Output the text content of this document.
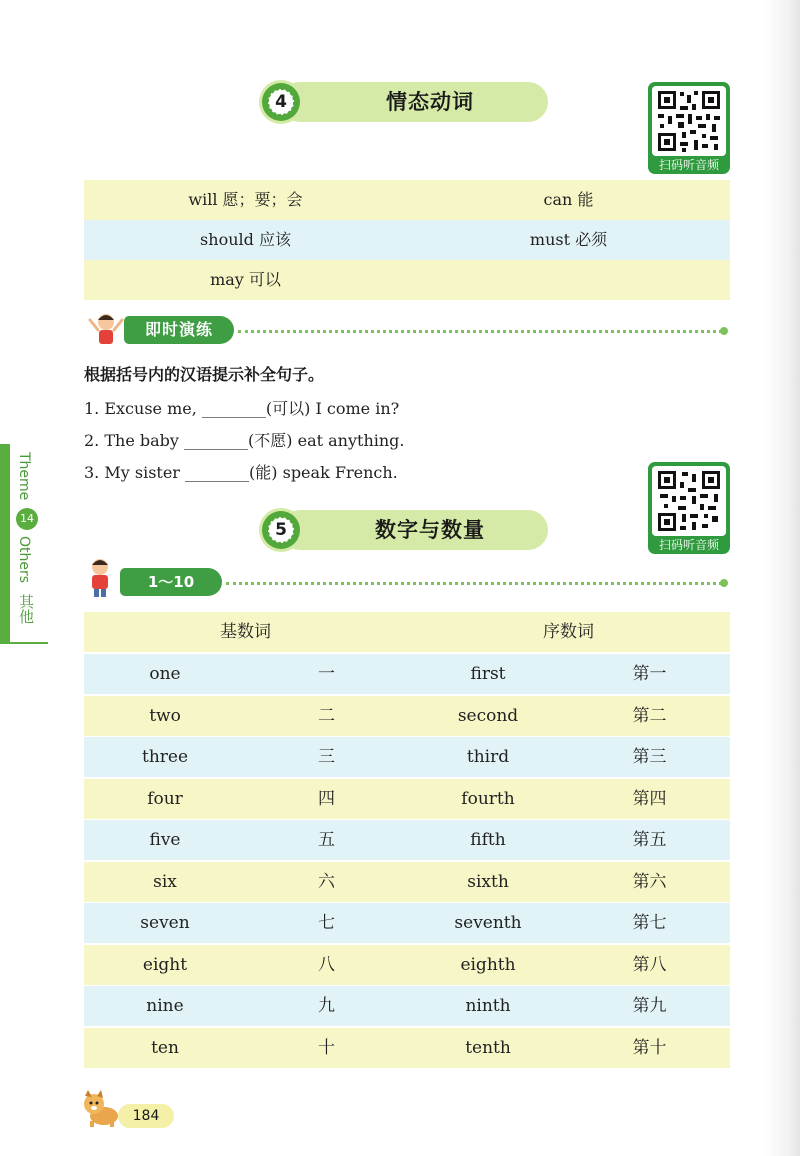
4	情态动词
扫码听音频
will 愿；要；会	can 能
should 应该	must 必须
may 可以
即时演练
根据括号内的汉语提示补全句子。
1. Excuse me, ________(可以) I come in?
2. The baby ________(不愿) eat anything.
3. My sister ________(能) speak French.
Theme
14
Others
其他
5	数字与数量
扫码听音频
1～10
基数词	序数词
one	一	first	第一
two	二	second	第二
three	三	third	第三
four	四	fourth	第四
five	五	fifth	第五
six	六	sixth	第六
seven	七	seventh	第七
eight	八	eighth	第八
nine	九	ninth	第九
ten	十	tenth	第十
184
